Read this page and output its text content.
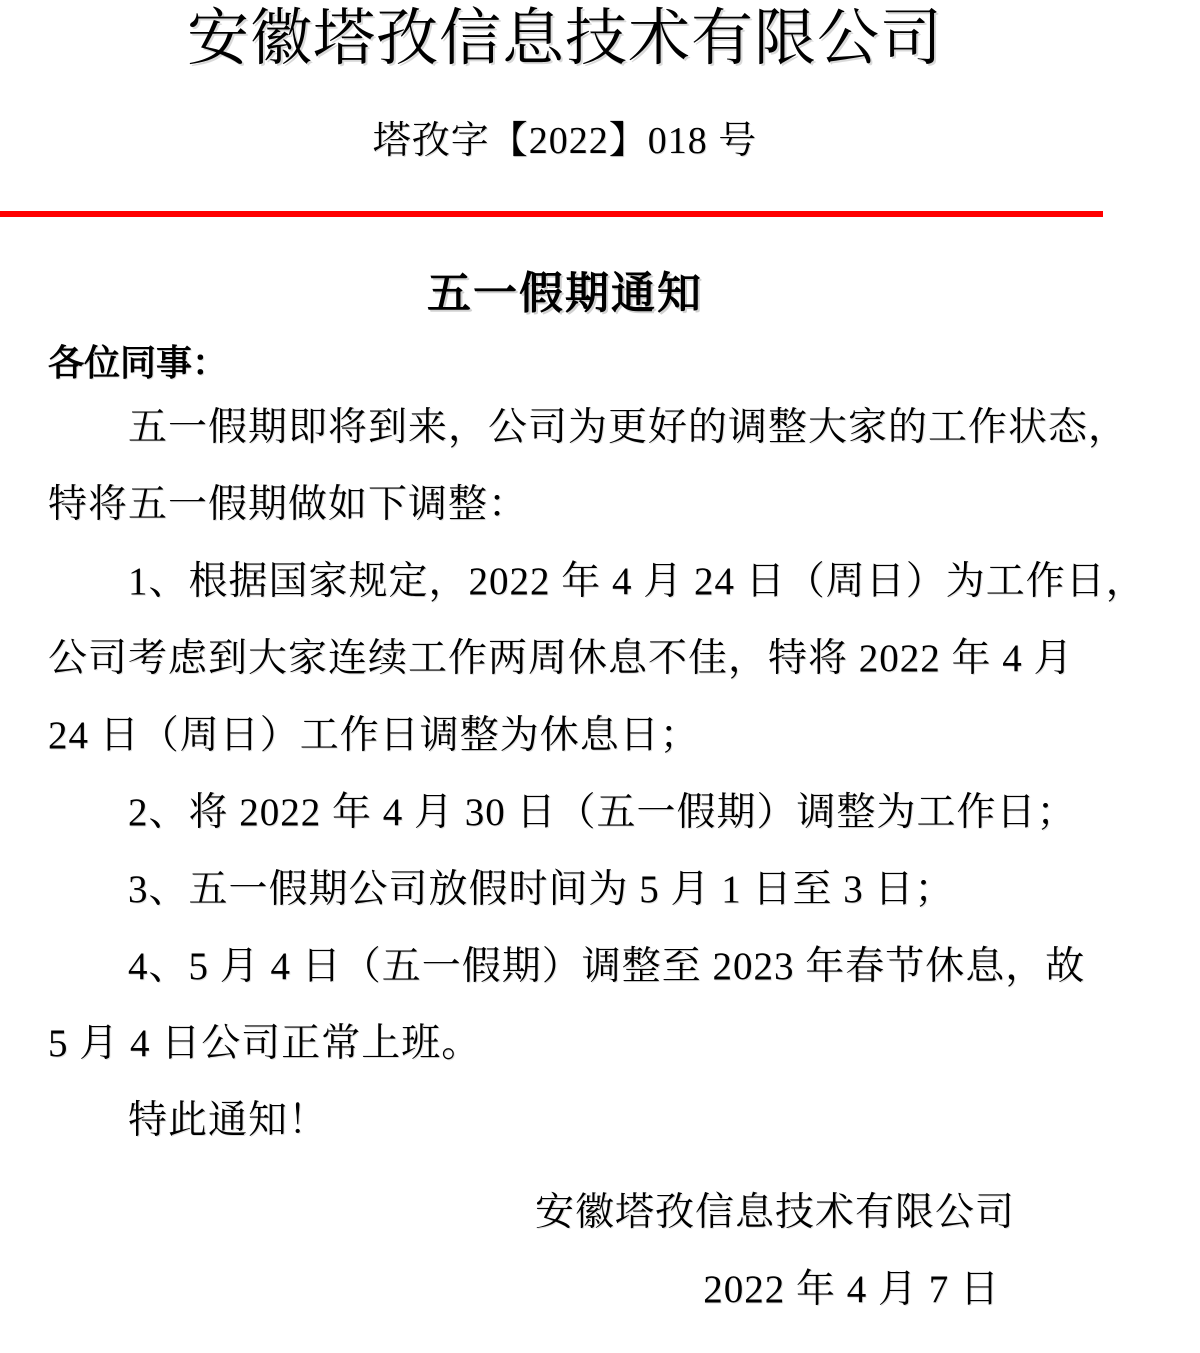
安徽塔孜信息技术有限公司
塔孜字【2022】018 号
五一假期通知
各位同事：
五一假期即将到来，公司为更好的调整大家的工作状态，
特将五一假期做如下调整：
1、根据国家规定，2022 年 4 月 24 日（周日）为工作日，
公司考虑到大家连续工作两周休息不佳，特将 2022 年 4 月
24 日（周日）工作日调整为休息日；
2、将 2022 年 4 月 30 日（五一假期）调整为工作日；
3、五一假期公司放假时间为 5 月 1 日至 3 日；
4、5 月 4 日（五一假期）调整至 2023 年春节休息，故
5 月 4 日公司正常上班。
特此通知！
安徽塔孜信息技术有限公司
2022 年 4 月 7 日
